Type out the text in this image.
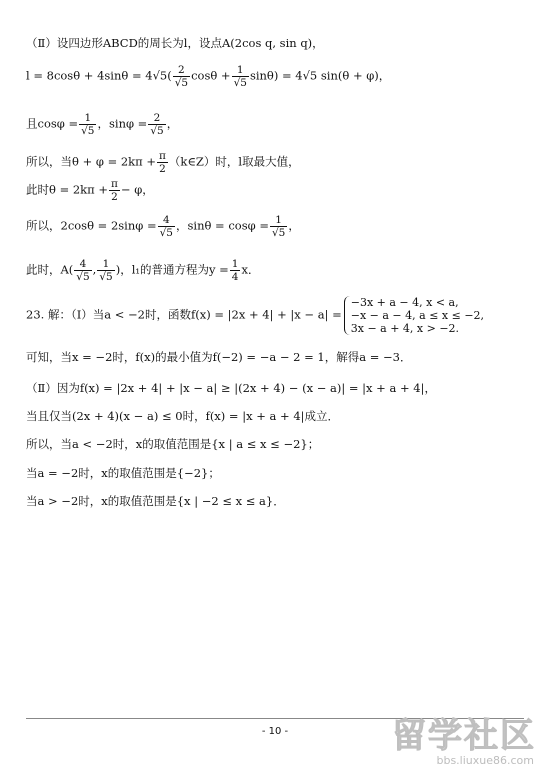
（Ⅱ）设四边形ABCD的周长为l，设点A(2cos q, sin q)，
$l = 8\cos\theta + 4\sin\theta = 4√5( \frac{2}{√5}$ $\cos\theta + \frac{1}{√5} \sin\theta) = 4√5$ sin(θ + φ)，
且$\cos\varphi = \frac{1}{√5}$ ，$\sin\varphi = \frac{2}{√5}$ ，
所以，当$\theta + \varphi = 2k\pi + \frac{\pi}{2}$ （k∈Z）时，l取最大值，
此时$\theta = 2k\pi + \frac{\pi}{2} - \varphi$，
所以，$2\cos\theta = 2\sin\varphi = \frac{4}{√5}$ ，$\sin\theta = \cos\varphi = \frac{1}{√5}$ ，
此时，$A( \frac{4}{√5}$ , $\frac{1}{√5}$ )，l₁的普通方程为$y = \frac{1}{4}$ x．
23. 解：（Ⅰ）当a < −2时，函数f(x) = |2x + 4| + |x − a| =
−3x + a − 4, x < a,
−x − a − 4, a ≤ x ≤ −2,
3x − a + 4, x > −2.
可知，当x = −2时，f(x)的最小值为f(−2) = −a − 2 = 1，解得a = −3．
（Ⅱ）因为f(x) = |2x + 4| + |x − a| ≥ |(2x + 4) − (x − a)| = |x + a + 4|，
当且仅当(2x + 4)(x − a) ≤ 0时，f(x) = |x + a + 4|成立．
所以，当a < −2时，x的取值范围是{x | a ≤ x ≤ −2}；
当a = −2时，x的取值范围是{−2}；
当a > −2时，x的取值范围是{x | −2 ≤ x ≤ a}．
- 10 -	留学社区
bbs.liuxue86.com
